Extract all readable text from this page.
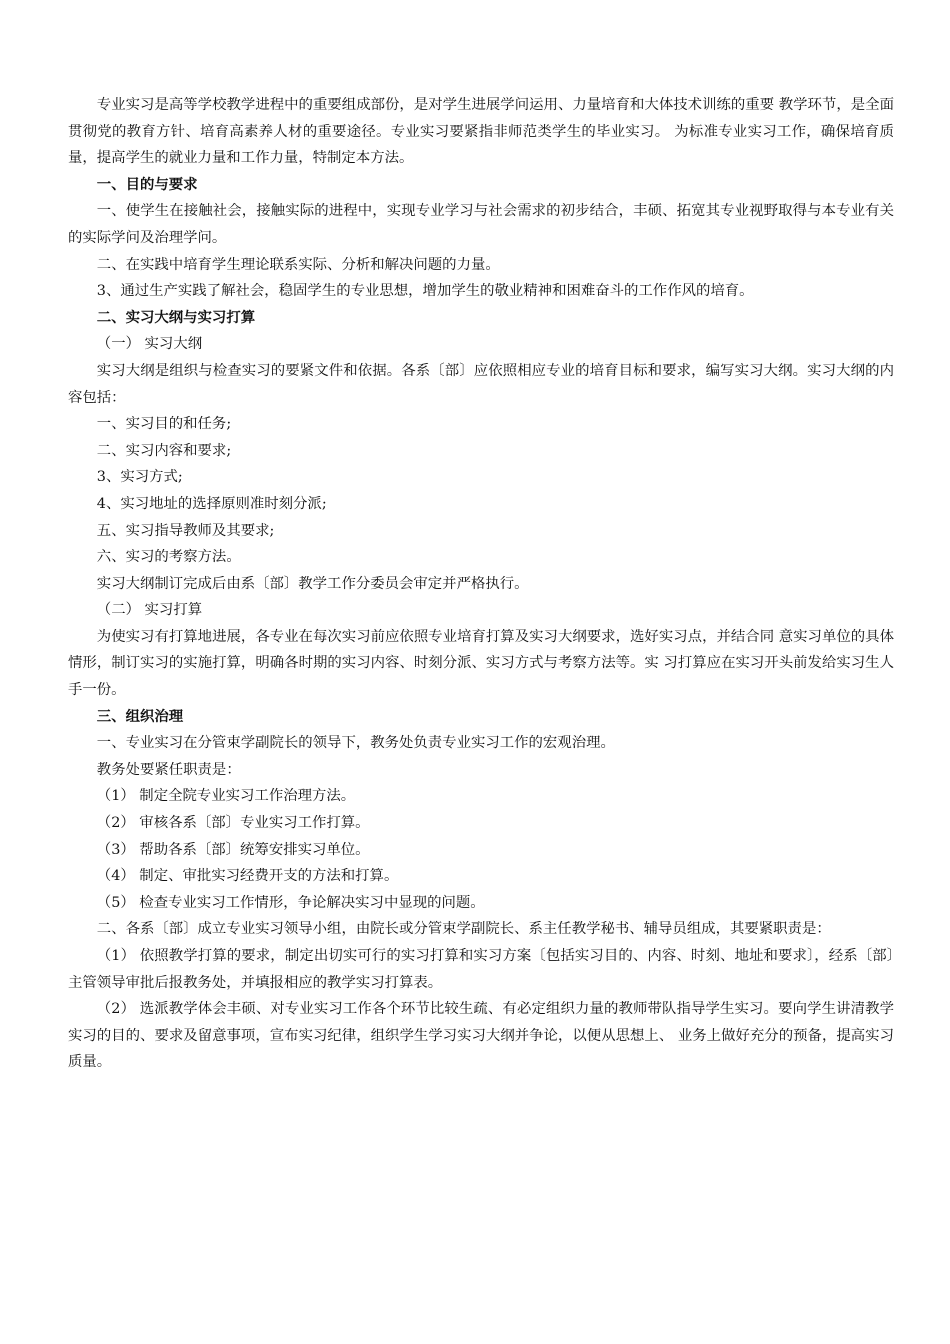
专业实习是高等学校教学进程中的重要组成部份，是对学生进展学问运用、力量培育和大体技术训练的重要 教学环节，是全面贯彻党的教育方针、培育高素养人材的重要途径。专业实习要紧指非师范类学生的毕业实习。 为标准专业实习工作，确保培育质量，提高学生的就业力量和工作力量，特制定本方法。

一、目的与要求

一、使学生在接触社会，接触实际的进程中，实现专业学习与社会需求的初步结合，丰硕、拓宽其专业视野取得与本专业有关的实际学问及治理学问。

二、在实践中培育学生理论联系实际、分析和解决问题的力量。

3、通过生产实践了解社会，稳固学生的专业思想，增加学生的敬业精神和困难奋斗的工作作风的培育。

二、实习大纲与实习打算

（一） 实习大纲

实习大纲是组织与检查实习的要紧文件和依据。各系〔部〕应依照相应专业的培育目标和要求，编写实习大纲。实习大纲的内容包括：

一、实习目的和任务;

二、实习内容和要求;

3、实习方式;

4、实习地址的选择原则准时刻分派;

五、实习指导教师及其要求;

六、实习的考察方法。

实习大纲制订完成后由系〔部〕教学工作分委员会审定并严格执行。

（二） 实习打算

为使实习有打算地进展，各专业在每次实习前应依照专业培育打算及实习大纲要求，选好实习点，并结合同 意实习单位的具体情形，制订实习的实施打算，明确各时期的实习内容、时刻分派、实习方式与考察方法等。实 习打算应在实习开头前发给实习生人手一份。

三、组织治理

一、专业实习在分管束学副院长的领导下，教务处负责专业实习工作的宏观治理。

教务处要紧任职责是：

（1） 制定全院专业实习工作治理方法。

（2） 审核各系〔部〕专业实习工作打算。

（3） 帮助各系〔部〕统筹安排实习单位。

（4） 制定、审批实习经费开支的方法和打算。

（5） 检查专业实习工作情形，争论解决实习中显现的问题。

二、各系〔部〕成立专业实习领导小组，由院长或分管束学副院长、系主任教学秘书、辅导员组成，其要紧职责是：

（1） 依照教学打算的要求，制定出切实可行的实习打算和实习方案〔包括实习目的、内容、时刻、地址和要求〕，经系〔部〕主管领导审批后报教务处，并填报相应的教学实习打算表。

（2） 选派教学体会丰硕、对专业实习工作各个环节比较生疏、有必定组织力量的教师带队指导学生实习。要向学生讲清教学实习的目的、要求及留意事项，宣布实习纪律，组织学生学习实习大纲并争论，以便从思想上、 业务上做好充分的预备，提高实习质量。
